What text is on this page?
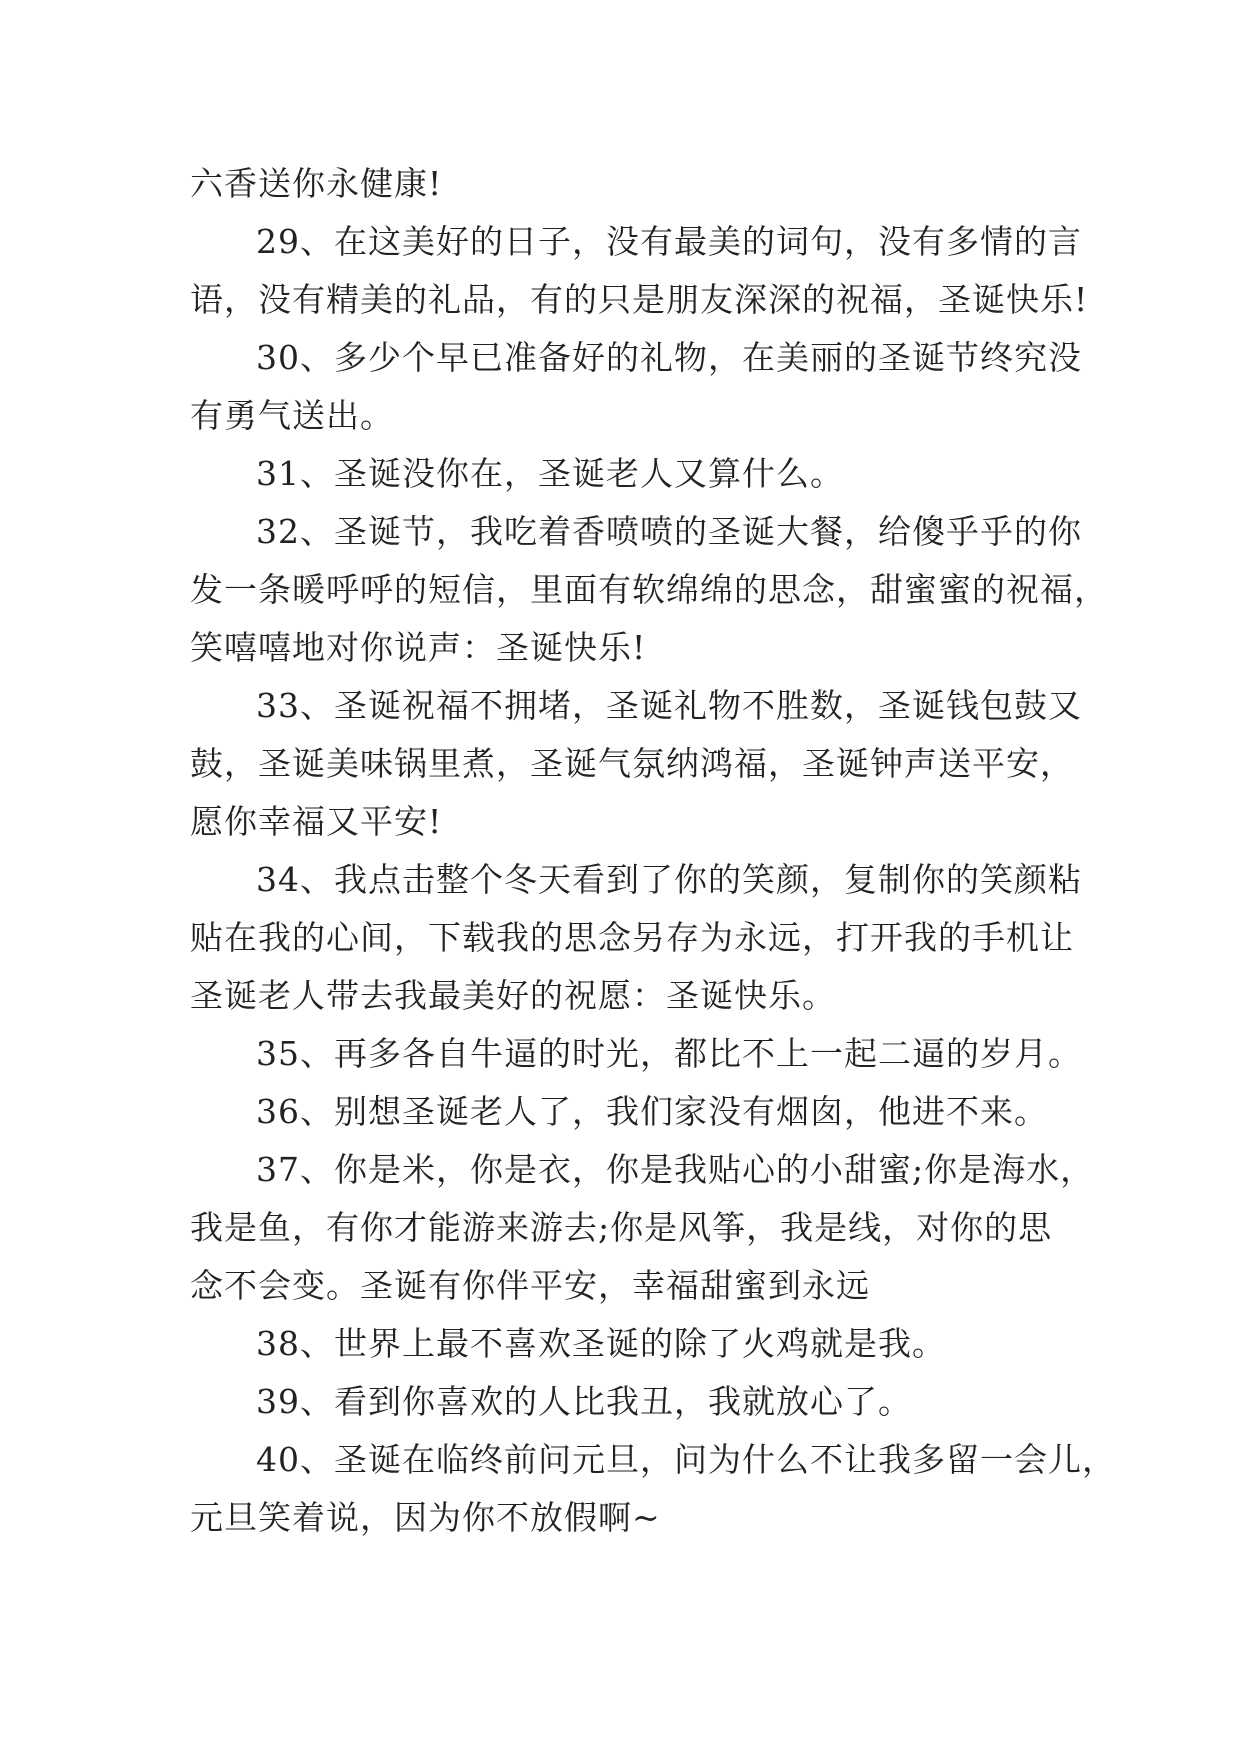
六香送你永健康!
29、在这美好的日子，没有最美的词句，没有多情的言
语，没有精美的礼品，有的只是朋友深深的祝福，圣诞快乐!
30、多少个早已准备好的礼物，在美丽的圣诞节终究没
有勇气送出。
31、圣诞没你在，圣诞老人又算什么。
32、圣诞节，我吃着香喷喷的圣诞大餐，给傻乎乎的你
发一条暖呼呼的短信，里面有软绵绵的思念，甜蜜蜜的祝福，
笑嘻嘻地对你说声：圣诞快乐!
33、圣诞祝福不拥堵，圣诞礼物不胜数，圣诞钱包鼓又
鼓，圣诞美味锅里煮，圣诞气氛纳鸿福，圣诞钟声送平安，
愿你幸福又平安!
34、我点击整个冬天看到了你的笑颜，复制你的笑颜粘
贴在我的心间，下载我的思念另存为永远，打开我的手机让
圣诞老人带去我最美好的祝愿：圣诞快乐。
35、再多各自牛逼的时光，都比不上一起二逼的岁月。
36、别想圣诞老人了，我们家没有烟囱，他进不来。
37、你是米，你是衣，你是我贴心的小甜蜜;你是海水，
我是鱼，有你才能游来游去;你是风筝，我是线，对你的思
念不会变。圣诞有你伴平安，幸福甜蜜到永远
38、世界上最不喜欢圣诞的除了火鸡就是我。
39、看到你喜欢的人比我丑，我就放心了。
40、圣诞在临终前问元旦，问为什么不让我多留一会儿，
元旦笑着说，因为你不放假啊~
